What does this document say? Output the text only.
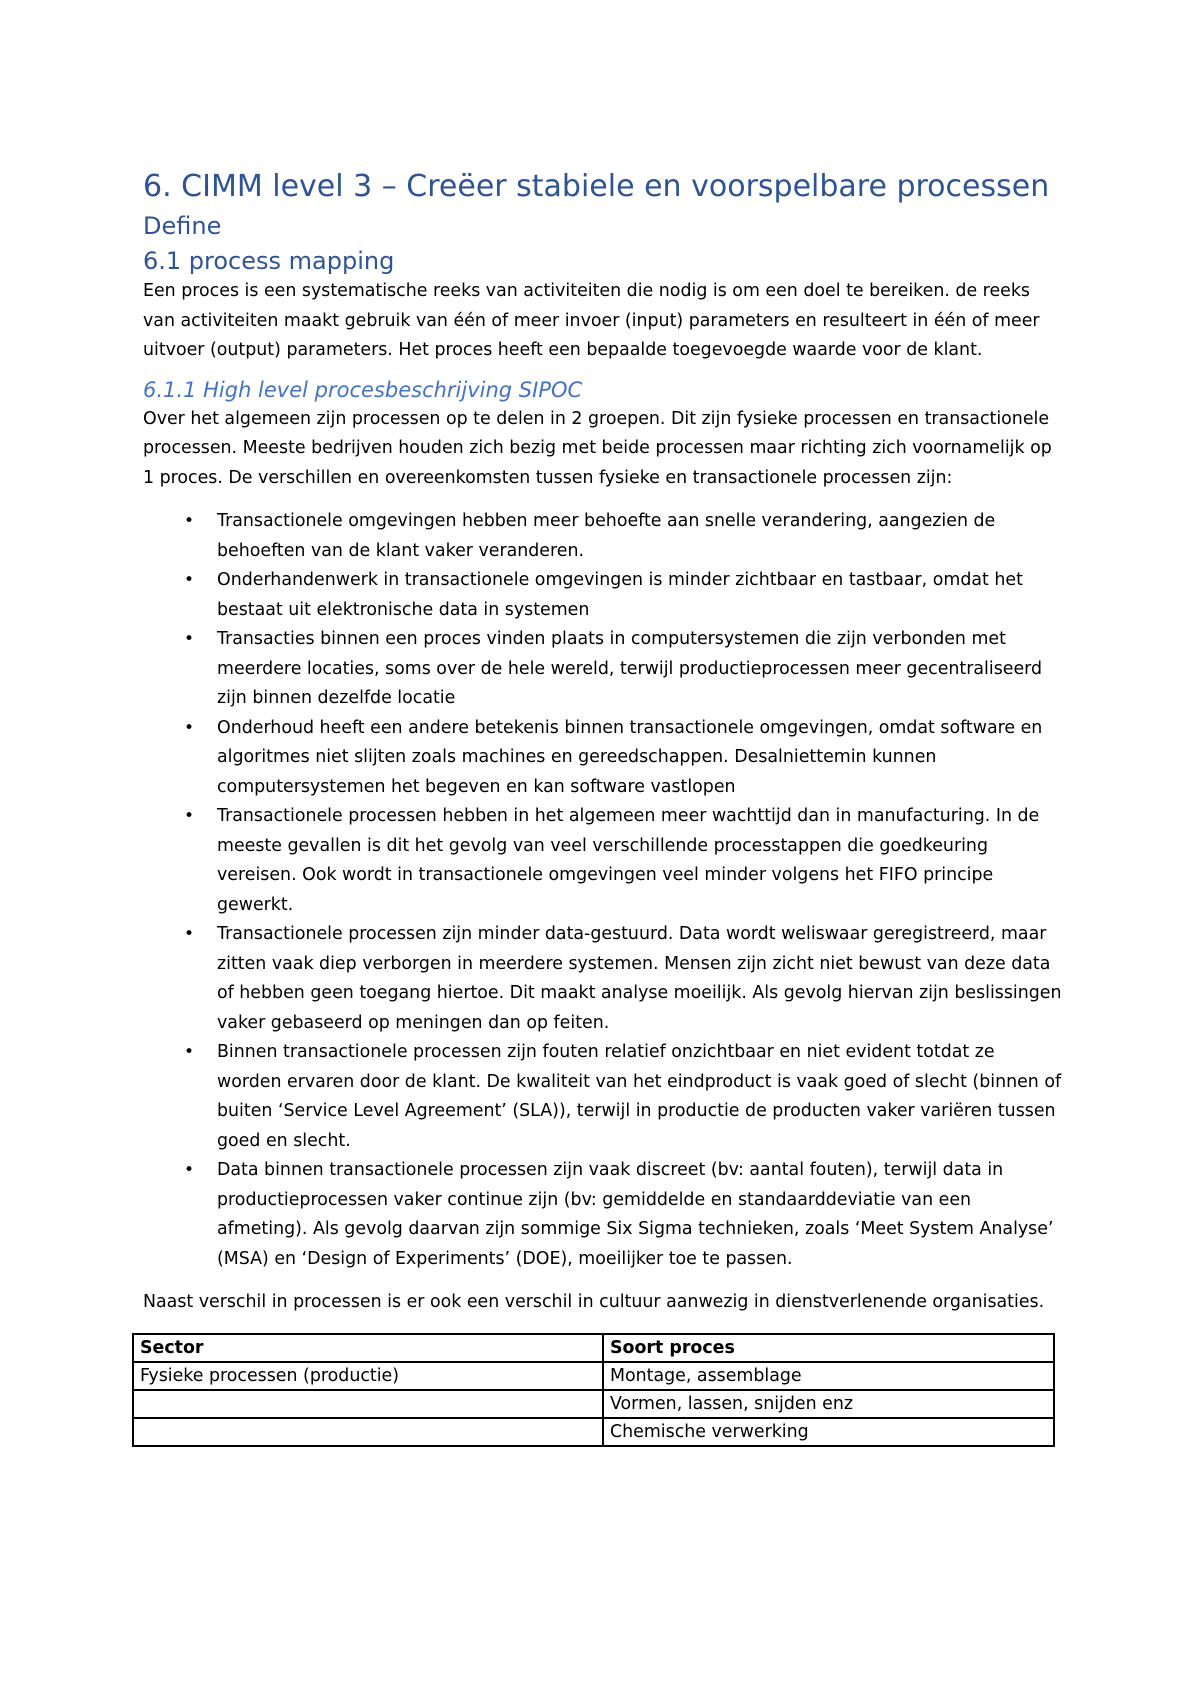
6. CIMM level 3 – Creëer stabiele en voorspelbare processen
Define
6.1 process mapping

Een proces is een systematische reeks van activiteiten die nodig is om een doel te bereiken. de reeks van activiteiten maakt gebruik van één of meer invoer (input) parameters en resulteert in één of meer uitvoer (output) parameters. Het proces heeft een bepaalde toegevoegde waarde voor de klant.

6.1.1 High level procesbeschrijving SIPOC

Over het algemeen zijn processen op te delen in 2 groepen. Dit zijn fysieke processen en transactionele processen. Meeste bedrijven houden zich bezig met beide processen maar richting zich voornamelijk op 1 proces. De verschillen en overeenkomsten tussen fysieke en transactionele processen zijn:

• Transactionele omgevingen hebben meer behoefte aan snelle verandering, aangezien de behoeften van de klant vaker veranderen.
• Onderhandenwerk in transactionele omgevingen is minder zichtbaar en tastbaar, omdat het bestaat uit elektronische data in systemen
• Transacties binnen een proces vinden plaats in computersystemen die zijn verbonden met meerdere locaties, soms over de hele wereld, terwijl productieprocessen meer gecentraliseerd zijn binnen dezelfde locatie
• Onderhoud heeft een andere betekenis binnen transactionele omgevingen, omdat software en algoritmes niet slijten zoals machines en gereedschappen. Desalniettemin kunnen computersystemen het begeven en kan software vastlopen
• Transactionele processen hebben in het algemeen meer wachttijd dan in manufacturing. In de meeste gevallen is dit het gevolg van veel verschillende processtappen die goedkeuring vereisen. Ook wordt in transactionele omgevingen veel minder volgens het FIFO principe gewerkt.
• Transactionele processen zijn minder data-gestuurd. Data wordt weliswaar geregistreerd, maar zitten vaak diep verborgen in meerdere systemen. Mensen zijn zicht niet bewust van deze data of hebben geen toegang hiertoe. Dit maakt analyse moeilijk. Als gevolg hiervan zijn beslissingen vaker gebaseerd op meningen dan op feiten.
• Binnen transactionele processen zijn fouten relatief onzichtbaar en niet evident totdat ze worden ervaren door de klant. De kwaliteit van het eindproduct is vaak goed of slecht (binnen of buiten ‘Service Level Agreement’ (SLA)), terwijl in productie de producten vaker variëren tussen goed en slecht.
• Data binnen transactionele processen zijn vaak discreet (bv: aantal fouten), terwijl data in productieprocessen vaker continue zijn (bv: gemiddelde en standaarddeviatie van een afmeting). Als gevolg daarvan zijn sommige Six Sigma technieken, zoals ‘Meet System Analyse’ (MSA) en ‘Design of Experiments’ (DOE), moeilijker toe te passen.

Naast verschil in processen is er ook een verschil in cultuur aanwezig in dienstverlenende organisaties.

Sector	Soort proces
Fysieke processen (productie)	Montage, assemblage
	Vormen, lassen, snijden enz
	Chemische verwerking
